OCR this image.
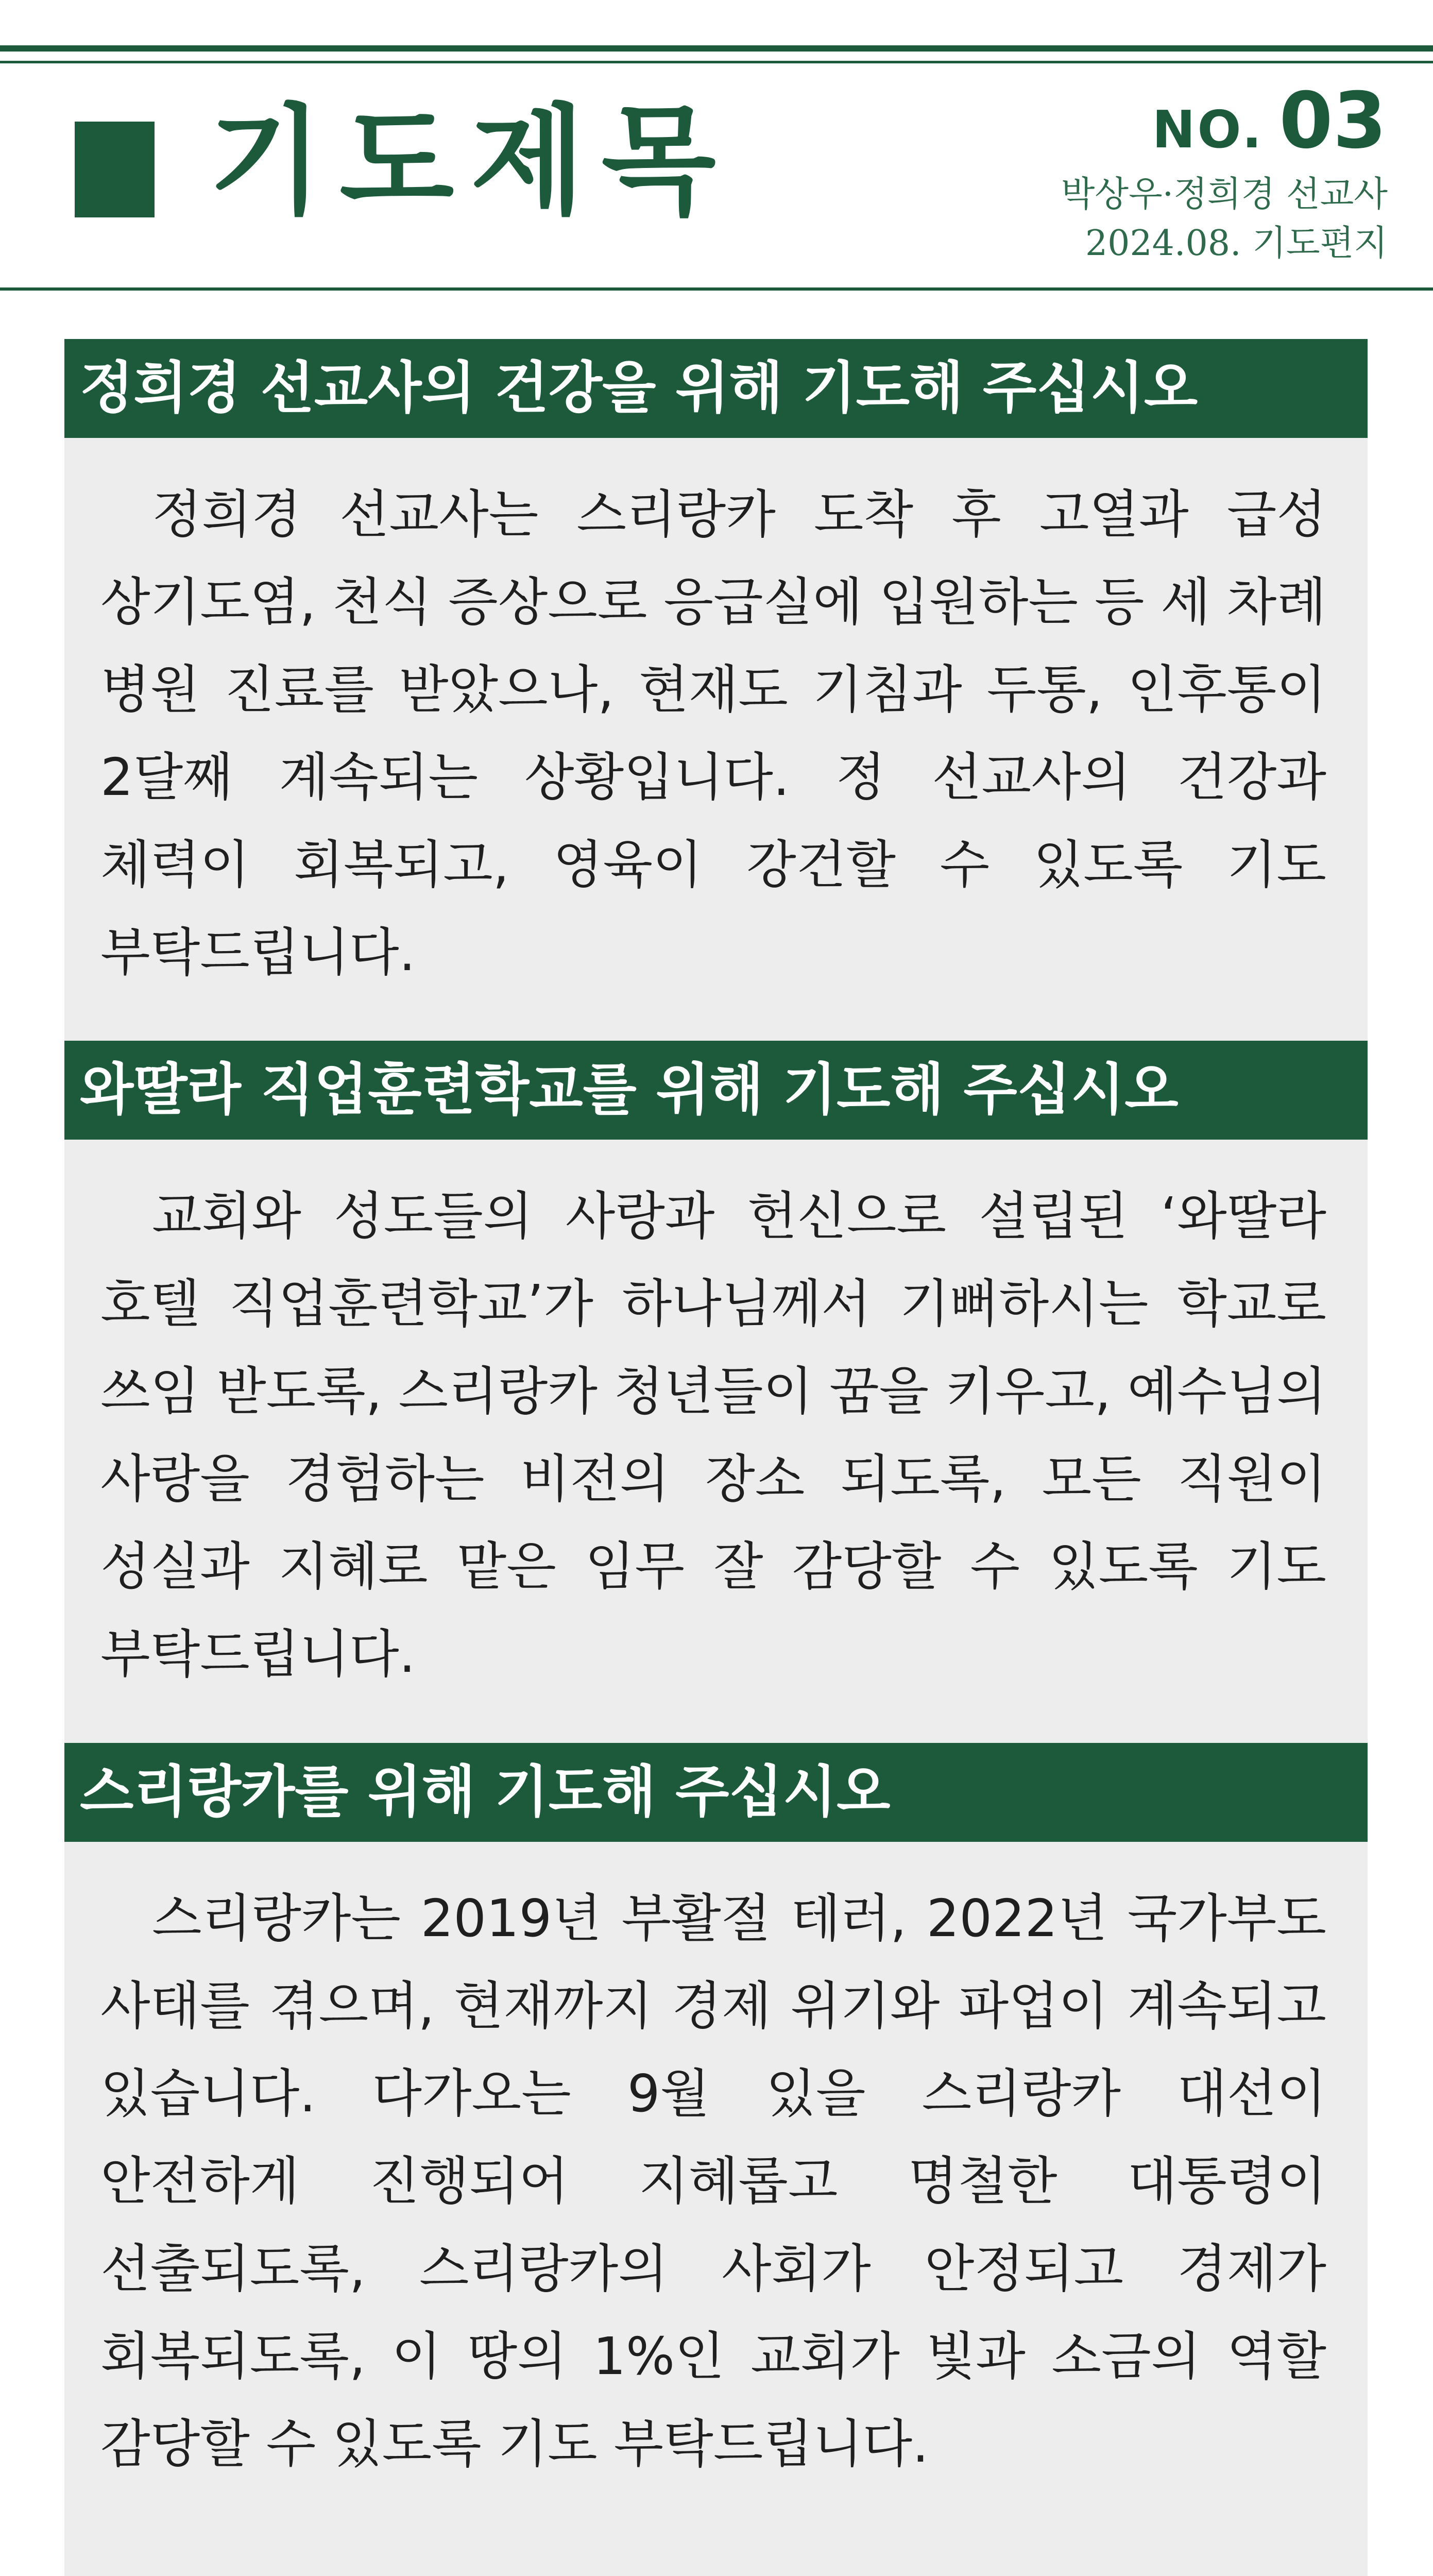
기도제목	NO. 03
박상우·정희경 선교사
2024.08. 기도편지
정희경 선교사의 건강을 위해 기도해 주십시오
정희경 선교사는 스리랑카 도착 후 고열과 급성 상기도염, 천식 증상으로 응급실에 입원하는 등 세 차례 병원 진료를 받았으나, 현재도 기침과 두통, 인후통이 2달째 계속되는 상황입니다. 정 선교사의 건강과 체력이 회복되고, 영육이 강건할 수 있도록 기도 부탁드립니다.
와딸라 직업훈련학교를 위해 기도해 주십시오
교회와 성도들의 사랑과 헌신으로 설립된 ‘와딸라 호텔 직업훈련학교’가 하나님께서 기뻐하시는 학교로 쓰임 받도록, 스리랑카 청년들이 꿈을 키우고, 예수님의 사랑을 경험하는 비전의 장소 되도록, 모든 직원이 성실과 지혜로 맡은 임무 잘 감당할 수 있도록 기도 부탁드립니다.
스리랑카를 위해 기도해 주십시오
스리랑카는 2019년 부활절 테러, 2022년 국가부도 사태를 겪으며, 현재까지 경제 위기와 파업이 계속되고 있습니다. 다가오는 9월 있을 스리랑카 대선이 안전하게 진행되어 지혜롭고 명철한 대통령이 선출되도록, 스리랑카의 사회가 안정되고 경제가 회복되도록, 이 땅의 1%인 교회가 빛과 소금의 역할 감당할 수 있도록 기도 부탁드립니다.
